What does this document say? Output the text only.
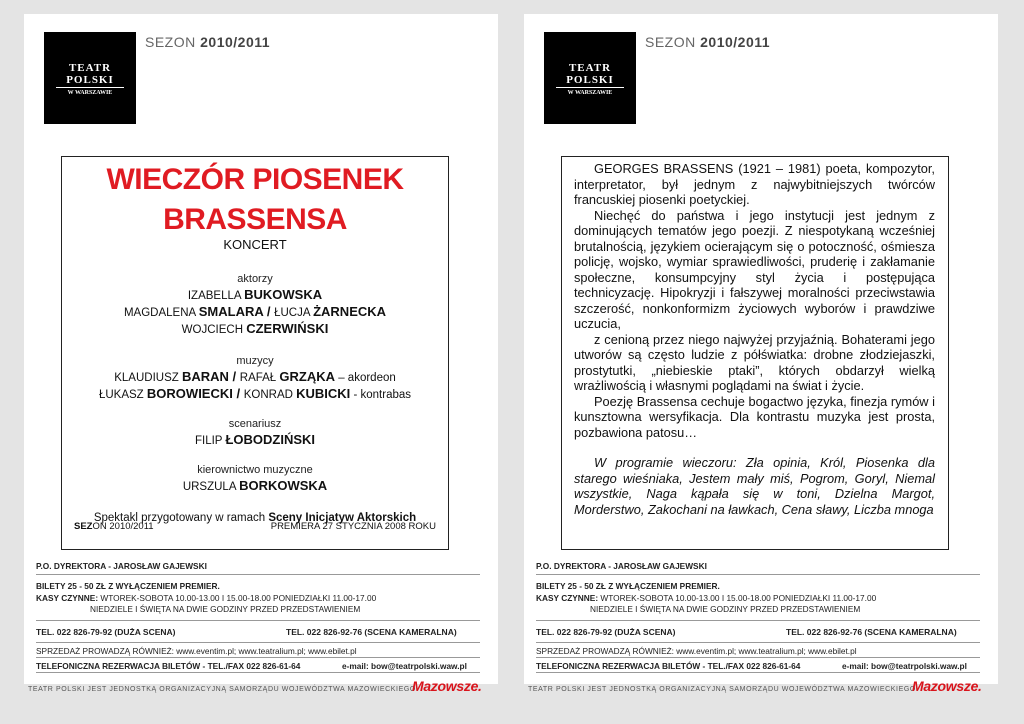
TEATR
POLSKI
W WARSZAWIE
SEZON 2010/2011
WIECZÓR PIOSENEK
BRASSENSA
KONCERT
aktorzy
IZABELLA BUKOWSKA
MAGDALENA SMALARA / ŁUCJA ŻARNECKA
WOJCIECH CZERWIŃSKI
muzycy
KLAUDIUSZ BARAN / RAFAŁ GRZĄKA – akordeon
ŁUKASZ BOROWIECKI / KONRAD KUBICKI - kontrabas
scenariusz
FILIP ŁOBODZIŃSKI
kierownictwo muzyczne
URSZULA BORKOWSKA
Spektakl przygotowany w ramach Sceny Inicjatyw Aktorskich
SEZON 2010/2011	PREMIERA 27 STYCZNIA 2008 ROKU
P.O. DYREKTORA - JAROSŁAW GAJEWSKI
BILETY 25 - 50 ZŁ Z WYŁĄCZENIEM PREMIER.
KASY CZYNNE: WTOREK-SOBOTA 10.00-13.00 I 15.00-18.00 PONIEDZIAŁKI 11.00-17.00
NIEDZIELE I ŚWIĘTA NA DWIE GODZINY PRZED PRZEDSTAWIENIEM
TEL. 022 826-79-92 (DUŻA SCENA)	TEL. 022 826-92-76 (SCENA KAMERALNA)
SPRZEDAŻ PROWADZĄ RÓWNIEŻ: www.eventim.pl; www.teatralium.pl; www.ebilet.pl
TELEFONICZNA REZERWACJA BILETÓW - TEL./FAX 022 826-61-64	e-mail: bow@teatrpolski.waw.pl
TEATR POLSKI JEST JEDNOSTKĄ ORGANIZACYJNĄ SAMORZĄDU WOJEWÓDZTWA MAZOWIECKIEGO.
Mazowsze.
TEATR
POLSKI
W WARSZAWIE
SEZON 2010/2011

GEORGES BRASSENS (1921 – 1981) poeta, kompozytor, interpretator, był jednym z najwybitniejszych twórców francuskiej piosenki poetyckiej.

Niechęć do państwa i jego instytucji jest jednym z dominujących tematów jego poezji. Z niespotykaną wcześniej brutalnością, językiem ocierającym się o potoczność, ośmiesza policję, wojsko, wymiar sprawiedliwości, pruderię i zakłamanie społeczne, konsumpcyjny styl życia i postępująca technicyzację. Hipokryzji i fałszywej moralności przeciwstawia szczerość, nonkonformizm życiowych wyborów i prawdziwe uczucia,

z cenioną przez niego najwyżej przyjaźnią. Bohaterami jego utworów są często ludzie z półświatka: drobne złodziejaszki, prostytutki, „niebieskie ptaki”, których obdarzył wielką wrażliwością i własnymi poglądami na świat i życie.

Poezję Brassensa cechuje bogactwo języka, finezja rymów i kunsztowna wersyfikacja. Dla kontrastu muzyka jest prosta, pozbawiona patosu…

W programie wieczoru: Zła opinia, Król, Piosenka dla starego wieśniaka, Jestem mały miś, Pogrom, Goryl, Niemal wszystkie, Naga kąpała się w toni, Dzielna Margot, Morderstwo, Zakochani na ławkach, Cena sławy, Liczba mnoga

P.O. DYREKTORA - JAROSŁAW GAJEWSKI
BILETY 25 - 50 ZŁ Z WYŁĄCZENIEM PREMIER.
KASY CZYNNE: WTOREK-SOBOTA 10.00-13.00 I 15.00-18.00 PONIEDZIAŁKI 11.00-17.00
NIEDZIELE I ŚWIĘTA NA DWIE GODZINY PRZED PRZEDSTAWIENIEM
TEL. 022 826-79-92 (DUŻA SCENA)	TEL. 022 826-92-76 (SCENA KAMERALNA)
SPRZEDAŻ PROWADZĄ RÓWNIEŻ: www.eventim.pl; www.teatralium.pl; www.ebilet.pl
TELEFONICZNA REZERWACJA BILETÓW - TEL./FAX 022 826-61-64	e-mail: bow@teatrpolski.waw.pl
TEATR POLSKI JEST JEDNOSTKĄ ORGANIZACYJNĄ SAMORZĄDU WOJEWÓDZTWA MAZOWIECKIEGO.
Mazowsze.
